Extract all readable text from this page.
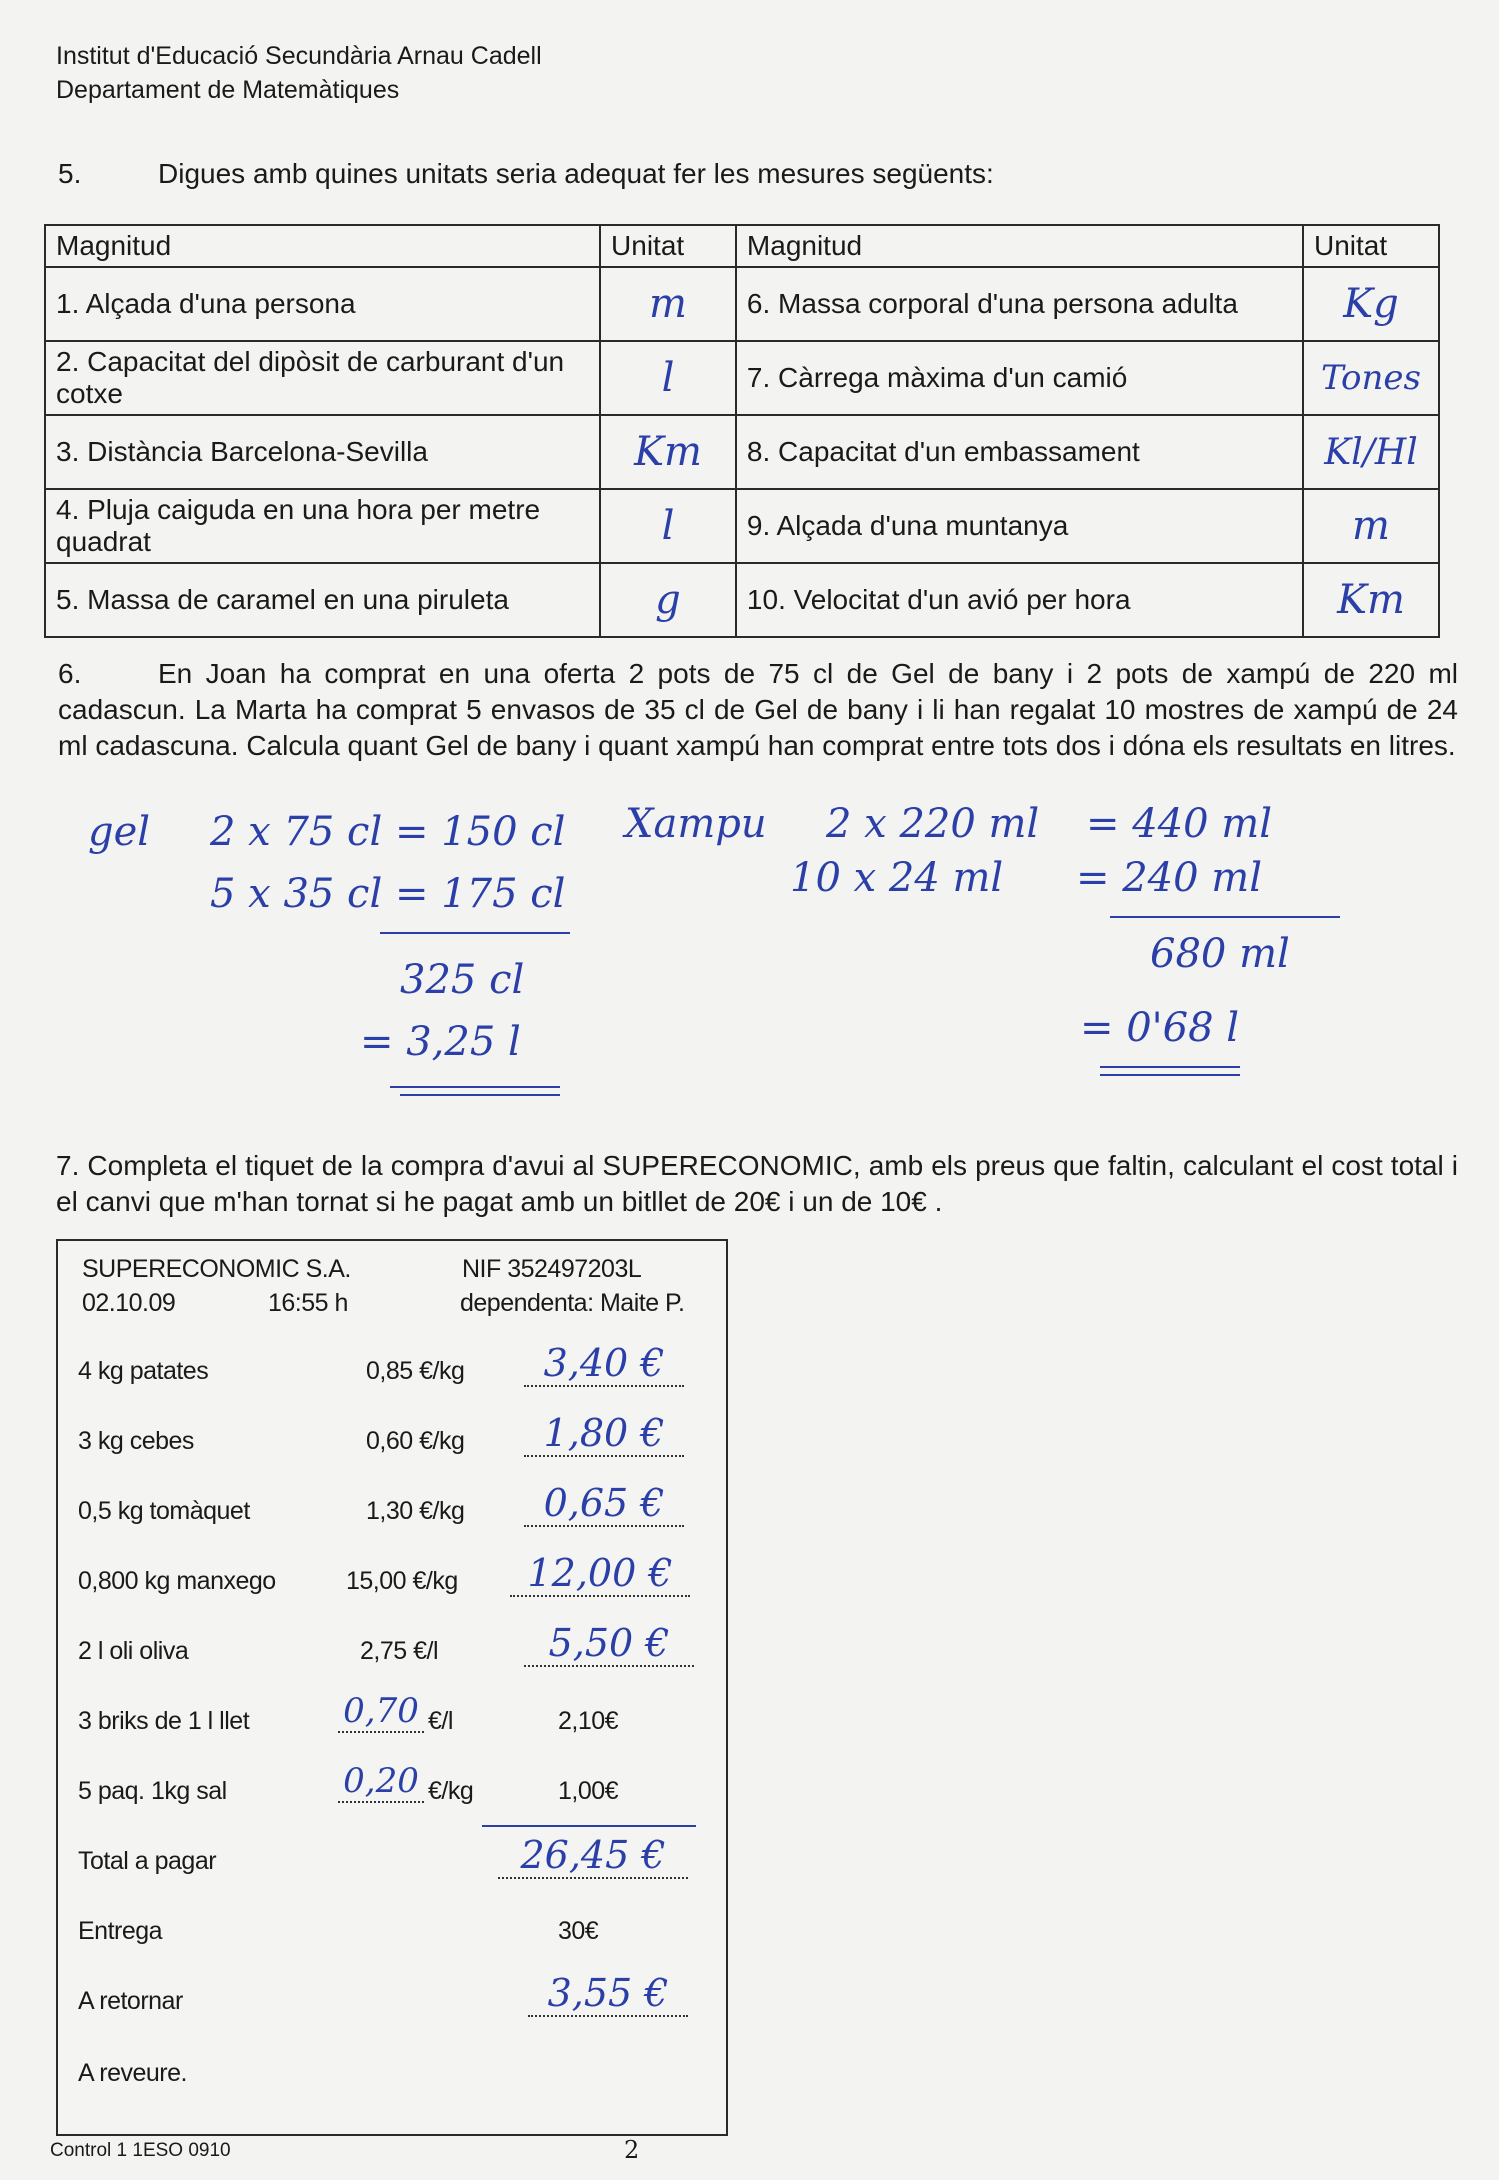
Institut d'Educació Secundària Arnau Cadell
Departament de Matemàtiques
5.	Digues amb quines unitats seria adequat fer les mesures següents:
Magnitud	Unitat	Magnitud	Unitat
1. Alçada d'una persona	m	6. Massa corporal d'una persona adulta	Kg
2. Capacitat del dipòsit de carburant d'un cotxe	l	7. Càrrega màxima d'un camió	Tones
3. Distància Barcelona-Sevilla	Km	8. Capacitat d'un embassament	Kl/Hl
4. Pluja caiguda en una hora per metre quadrat	l	9. Alçada d'una muntanya	m
5. Massa de caramel en una piruleta	g	10. Velocitat d'un avió per hora	Km
6.	En Joan ha comprat en una oferta 2 pots de 75 cl de Gel de bany i 2 pots de xampú de 220 ml cadascun. La Marta ha comprat 5 envasos de 35 cl de Gel de bany i li han regalat 10 mostres de xampú de 24 ml cadascuna. Calcula quant Gel de bany i quant xampú han comprat entre tots dos i dóna els resultats en litres.
gel 2 x 75 cl = 150 cl
5 x 35 cl = 175 cl
325 cl
= 3,25 l
Xampu 2 x 220 ml = 440 ml
10 x 24 ml = 240 ml
680 ml
= 0'68 l
7. Completa el tiquet de la compra d'avui al SUPERECONOMIC, amb els preus que faltin, calculant el cost total i el canvi que m'han tornat si he pagat amb un bitllet de 20€ i un de 10€ .
SUPERECONOMIC S.A.	NIF 352497203L
02.10.09	16:55 h	dependenta: Maite P.
4 kg patates	0,85 €/kg	3,40 €
3 kg cebes	0,60 €/kg	1,80 €
0,5 kg tomàquet	1,30 €/kg	0,65 €
0,800 kg manxego	15,00 €/kg	12,00 €
2 l oli oliva	2,75 €/l	5,50 €
3 briks de 1 l llet	0,70 €/l	2,10€
5 paq. 1kg sal	0,20 €/kg	1,00€
Total a pagar	26,45 €
Entrega	30€
A retornar	3,55 €
A reveure.
Control 1 1ESO 0910	2
